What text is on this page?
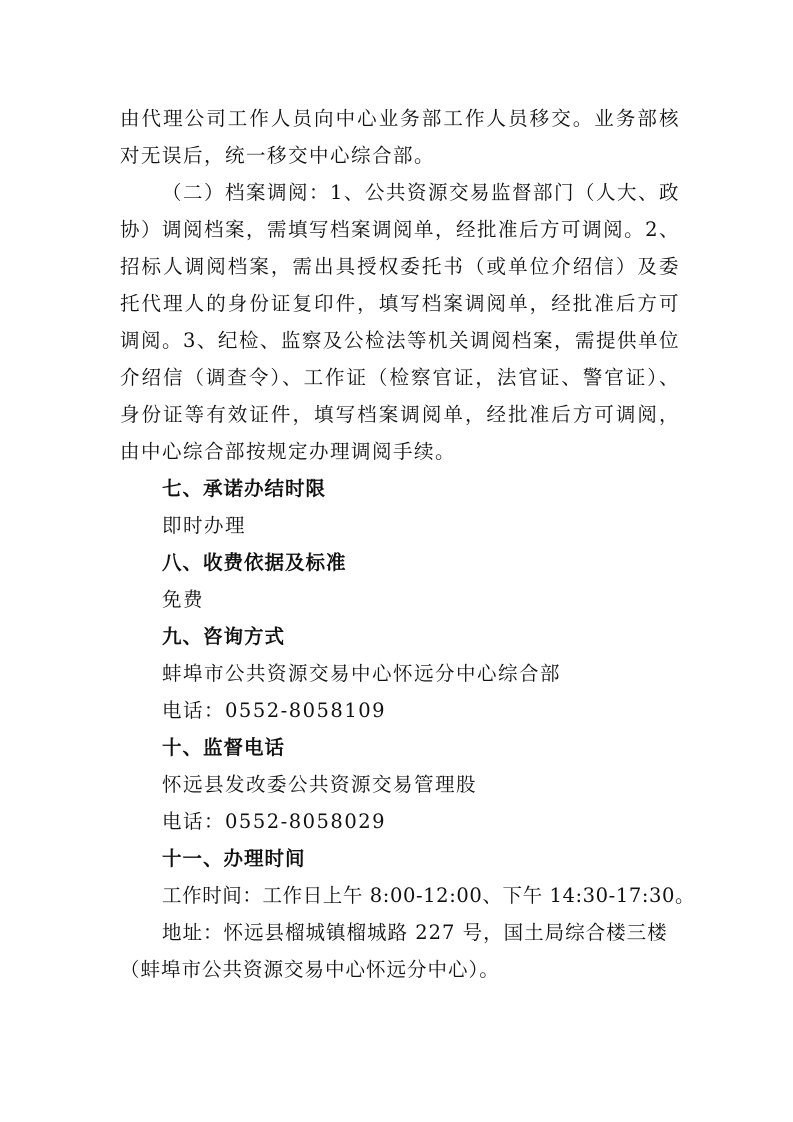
由代理公司工作人员向中心业务部工作人员移交。业务部核对无误后，统一移交中心综合部。

（二）档案调阅：1、公共资源交易监督部门（人大、政协）调阅档案，需填写档案调阅单，经批准后方可调阅。2、招标人调阅档案，需出具授权委托书（或单位介绍信）及委托代理人的身份证复印件，填写档案调阅单，经批准后方可调阅。3、纪检、监察及公检法等机关调阅档案，需提供单位介绍信（调查令）、工作证（检察官证，法官证、警官证）、身份证等有效证件，填写档案调阅单，经批准后方可调阅，由中心综合部按规定办理调阅手续。

七、承诺办结时限

即时办理

八、收费依据及标准

免费

九、咨询方式

蚌埠市公共资源交易中心怀远分中心综合部

电话：0552-8058109

十、监督电话

怀远县发改委公共资源交易管理股

电话：0552-8058029

十一、办理时间

工作时间：工作日上午 8:00-12:00、下午 14:30-17:30。

地址：怀远县榴城镇榴城路 227 号，国土局综合楼三楼（蚌埠市公共资源交易中心怀远分中心）。
